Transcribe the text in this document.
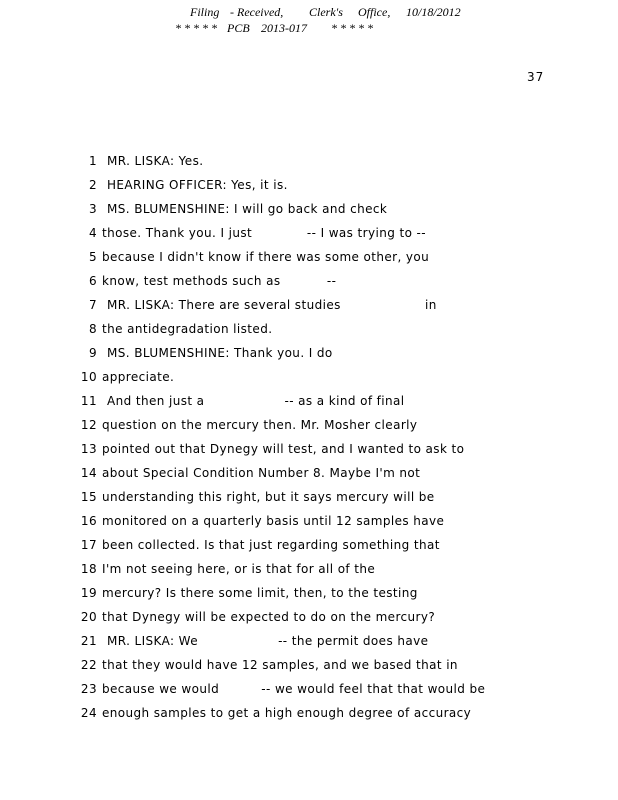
Filing - Received, Clerk's Office, 10/18/2012
* * * * * PCB 2013-017 * * * * *
37
1 MR. LISKA: Yes.
2 HEARING OFFICER: Yes, it is.
3 MS. BLUMENSHINE: I will go back and check
4 those. Thank you. I just             -- I was trying to --
5 because I didn't know if there was some other, you
6 know, test methods such as           --
7 MR. LISKA: There are several studies                    in
8 the antidegradation listed.
9 MS. BLUMENSHINE: Thank you. I do
10 appreciate.
11 And then just a                   -- as a kind of final
12 question on the mercury then. Mr. Mosher clearly
13 pointed out that Dynegy will test, and I wanted to ask to
14 about Special Condition Number 8. Maybe I'm not
15 understanding this right, but it says mercury will be
16 monitored on a quarterly basis until 12 samples have
17 been collected. Is that just regarding something that
18 I'm not seeing here, or is that for all of the
19 mercury? Is there some limit, then, to the testing
20 that Dynegy will be expected to do on the mercury?
21 MR. LISKA: We                   -- the permit does have
22 that they would have 12 samples, and we based that in
23 because we would          -- we would feel that that would be
24 enough samples to get a high enough degree of accuracy
